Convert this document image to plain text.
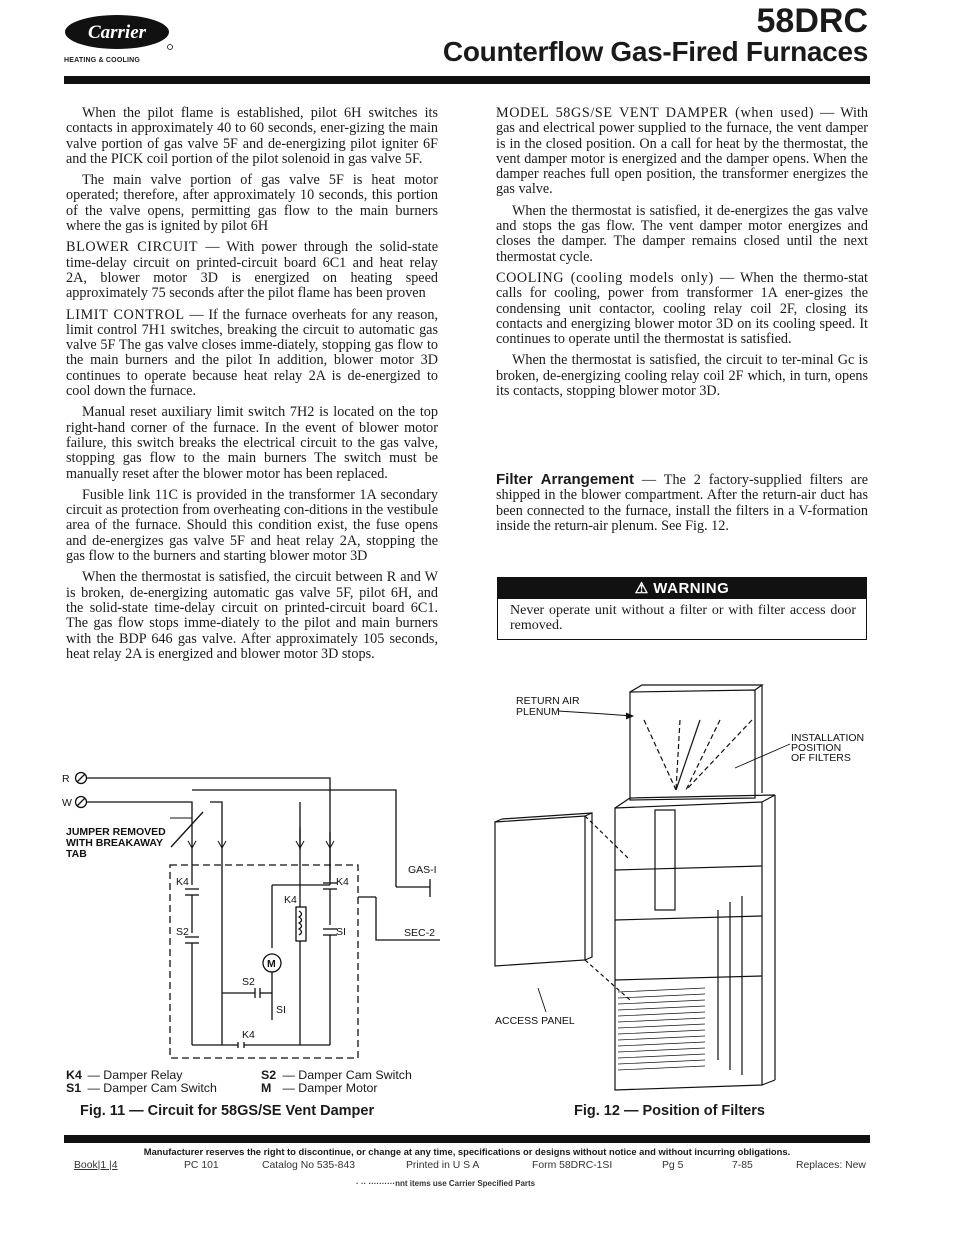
Carrier
HEATING & COOLING
58DRC
Counterflow Gas-Fired Furnaces

When the pilot flame is established, pilot 6H switches its contacts in approximately 40 to 60 seconds, ener-gizing the main valve portion of gas valve 5F and de-energizing pilot igniter 6F and the PICK coil portion of the pilot solenoid in gas valve 5F.

The main valve portion of gas valve 5F is heat motor operated; therefore, after approximately 10 seconds, this portion of the valve opens, permitting gas flow to the main burners where the gas is ignited by pilot 6H

BLOWER CIRCUIT — With power through the solid-state time-delay circuit on printed-circuit board 6C1 and heat relay 2A, blower motor 3D is energized on heating speed approximately 75 seconds after the pilot flame has been proven

LIMIT CONTROL — If the furnace overheats for any reason, limit control 7H1 switches, breaking the circuit to automatic gas valve 5F The gas valve closes imme-diately, stopping gas flow to the main burners and the pilot In addition, blower motor 3D continues to operate because heat relay 2A is de-energized to cool down the furnace.

Manual reset auxiliary limit switch 7H2 is located on the top right-hand corner of the furnace. In the event of blower motor failure, this switch breaks the electrical circuit to the gas valve, stopping gas flow to the main burners The switch must be manually reset after the blower motor has been replaced.

Fusible link 11C is provided in the transformer 1A secondary circuit as protection from overheating con-ditions in the vestibule area of the furnace. Should this condition exist, the fuse opens and de-energizes gas valve 5F and heat relay 2A, stopping the gas flow to the burners and starting blower motor 3D

When the thermostat is satisfied, the circuit between R and W is broken, de-energizing automatic gas valve 5F, pilot 6H, and the solid-state time-delay circuit on printed-circuit board 6C1. The gas flow stops imme-diately to the pilot and main burners with the BDP 646 gas valve. After approximately 105 seconds, heat relay 2A is energized and blower motor 3D stops.

MODEL 58GS/SE VENT DAMPER (when used) — With gas and electrical power supplied to the furnace, the vent damper is in the closed position. On a call for heat by the thermostat, the vent damper motor is energized and the damper opens. When the damper reaches full open position, the transformer energizes the gas valve.

When the thermostat is satisfied, it de-energizes the gas valve and stops the gas flow. The vent damper motor energizes and closes the damper. The damper remains closed until the next thermostat cycle.

COOLING (cooling models only) — When the thermo-stat calls for cooling, power from transformer 1A ener-gizes the condensing unit contactor, cooling relay coil 2F, closing its contacts and energizing blower motor 3D on its cooling speed. It continues to operate until the thermostat is satisfied.

When the thermostat is satisfied, the circuit to ter-minal Gc is broken, de-energizing cooling relay coil 2F which, in turn, opens its contacts, stopping blower motor 3D.

Filter Arrangement — The 2 factory-supplied filters are shipped in the blower compartment. After the return-air duct has been connected to the furnace, install the filters in a V-formation inside the return-air plenum. See Fig. 12.

⚠ WARNING
Never operate unit without a filter or with filter access door removed.
R
W
JUMPER REMOVED
WITH BREAKAWAY
TAB
K4
K4
K4
K4
S2
S2
SI
SI
M
GAS-I
SEC-2
K4 — Damper Relay	S2 — Damper Cam Switch
S1 — Damper Cam Switch	M — Damper Motor
Fig. 11 — Circuit for 58GS/SE Vent Damper
RETURN AIR
PLENUM
INSTALLATION
POSITION
OF FILTERS
ACCESS PANEL
Fig. 12 — Position of Filters
Manufacturer reserves the right to discontinue, or change at any time, specifications or designs without notice and without incurring obligations.
Book|1 |4	PC 101	Catalog No 535-843	Printed in U S A	Form 58DRC-1SI	Pg 5	7-85	Replaces: New
· ·· ··········nnt items use Carrier Specified Parts
